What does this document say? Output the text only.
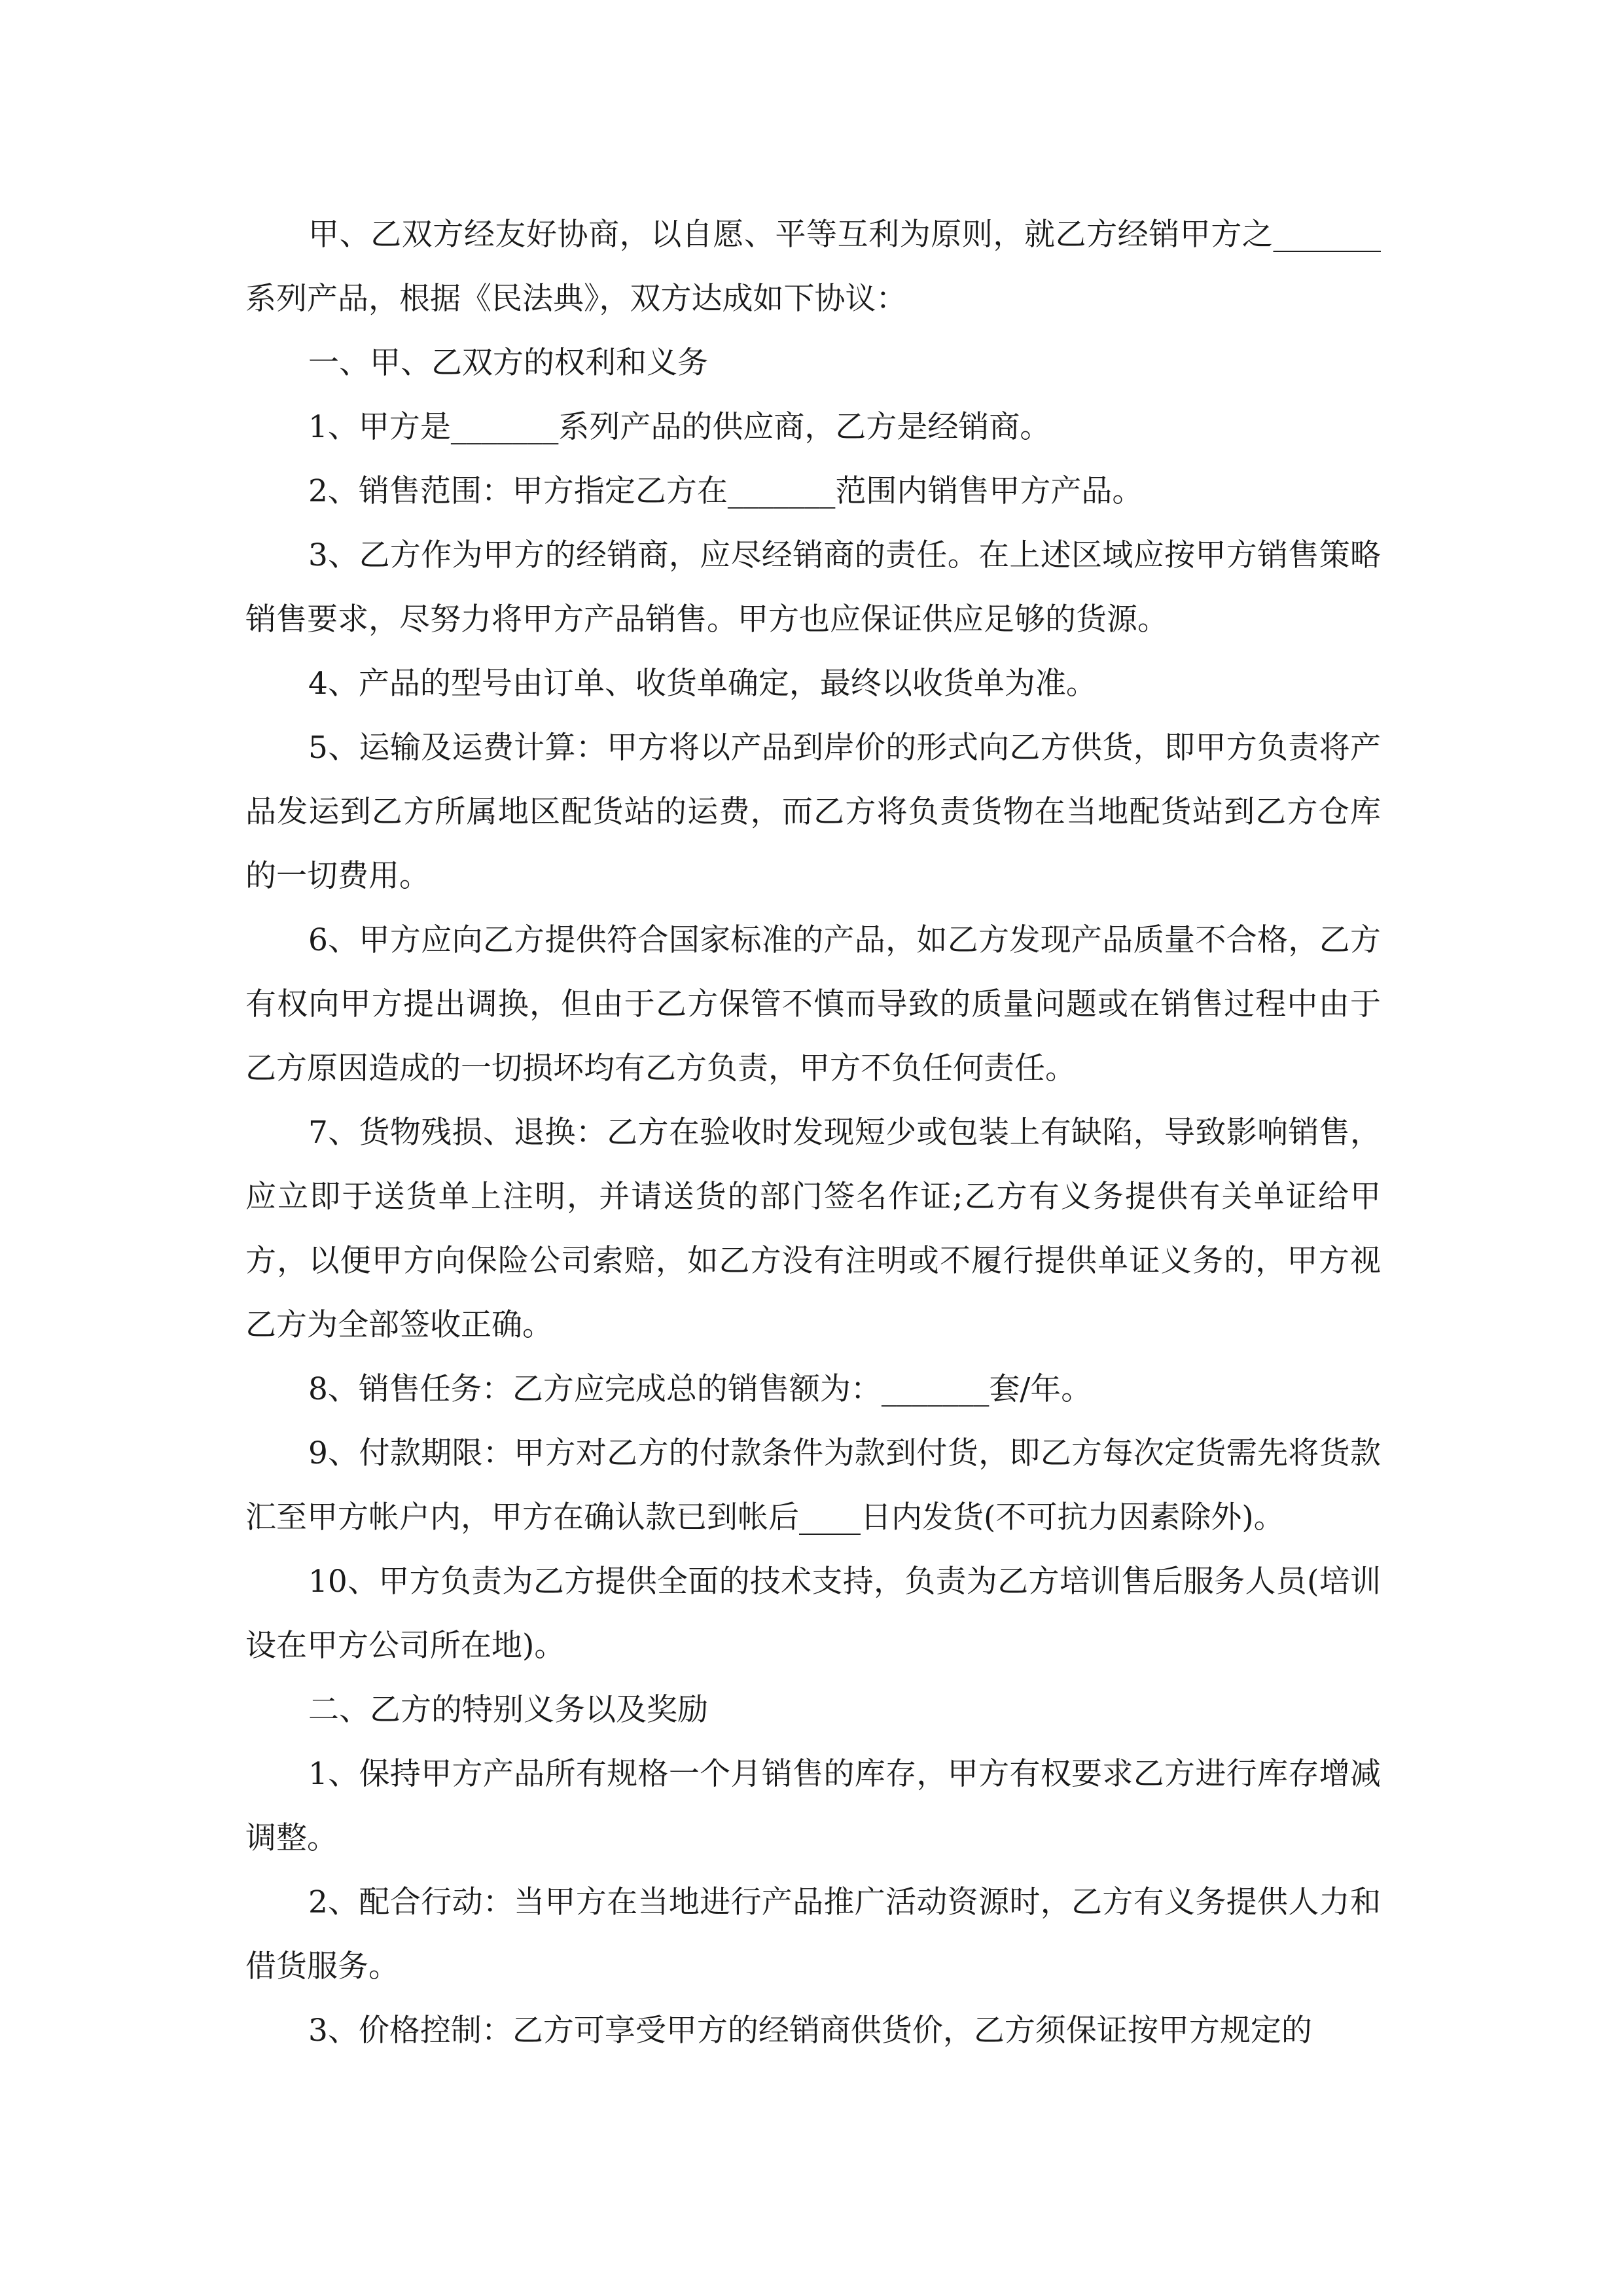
甲、乙双方经友好协商，以自愿、平等互利为原则，就乙方经销甲方之_______系列产品，根据《民法典》，双方达成如下协议：

一、甲、乙双方的权利和义务

1、甲方是_______系列产品的供应商，乙方是经销商。

2、销售范围：甲方指定乙方在_______范围内销售甲方产品。

3、乙方作为甲方的经销商，应尽经销商的责任。在上述区域应按甲方销售策略销售要求，尽努力将甲方产品销售。甲方也应保证供应足够的货源。

4、产品的型号由订单、收货单确定，最终以收货单为准。

5、运输及运费计算：甲方将以产品到岸价的形式向乙方供货，即甲方负责将产品发运到乙方所属地区配货站的运费，而乙方将负责货物在当地配货站到乙方仓库的一切费用。

6、甲方应向乙方提供符合国家标准的产品，如乙方发现产品质量不合格，乙方有权向甲方提出调换，但由于乙方保管不慎而导致的质量问题或在销售过程中由于乙方原因造成的一切损坏均有乙方负责，甲方不负任何责任。

7、货物残损、退换：乙方在验收时发现短少或包装上有缺陷，导致影响销售，应立即于送货单上注明，并请送货的部门签名作证;乙方有义务提供有关单证给甲方，以便甲方向保险公司索赔，如乙方没有注明或不履行提供单证义务的，甲方视乙方为全部签收正确。

8、销售任务：乙方应完成总的销售额为：_______套/年。

9、付款期限：甲方对乙方的付款条件为款到付货，即乙方每次定货需先将货款汇至甲方帐户内，甲方在确认款已到帐后____日内发货(不可抗力因素除外)。

10、甲方负责为乙方提供全面的技术支持，负责为乙方培训售后服务人员(培训设在甲方公司所在地)。

二、乙方的特别义务以及奖励

1、保持甲方产品所有规格一个月销售的库存，甲方有权要求乙方进行库存增减调整。

2、配合行动：当甲方在当地进行产品推广活动资源时，乙方有义务提供人力和借货服务。

3、价格控制：乙方可享受甲方的经销商供货价，乙方须保证按甲方规定的
